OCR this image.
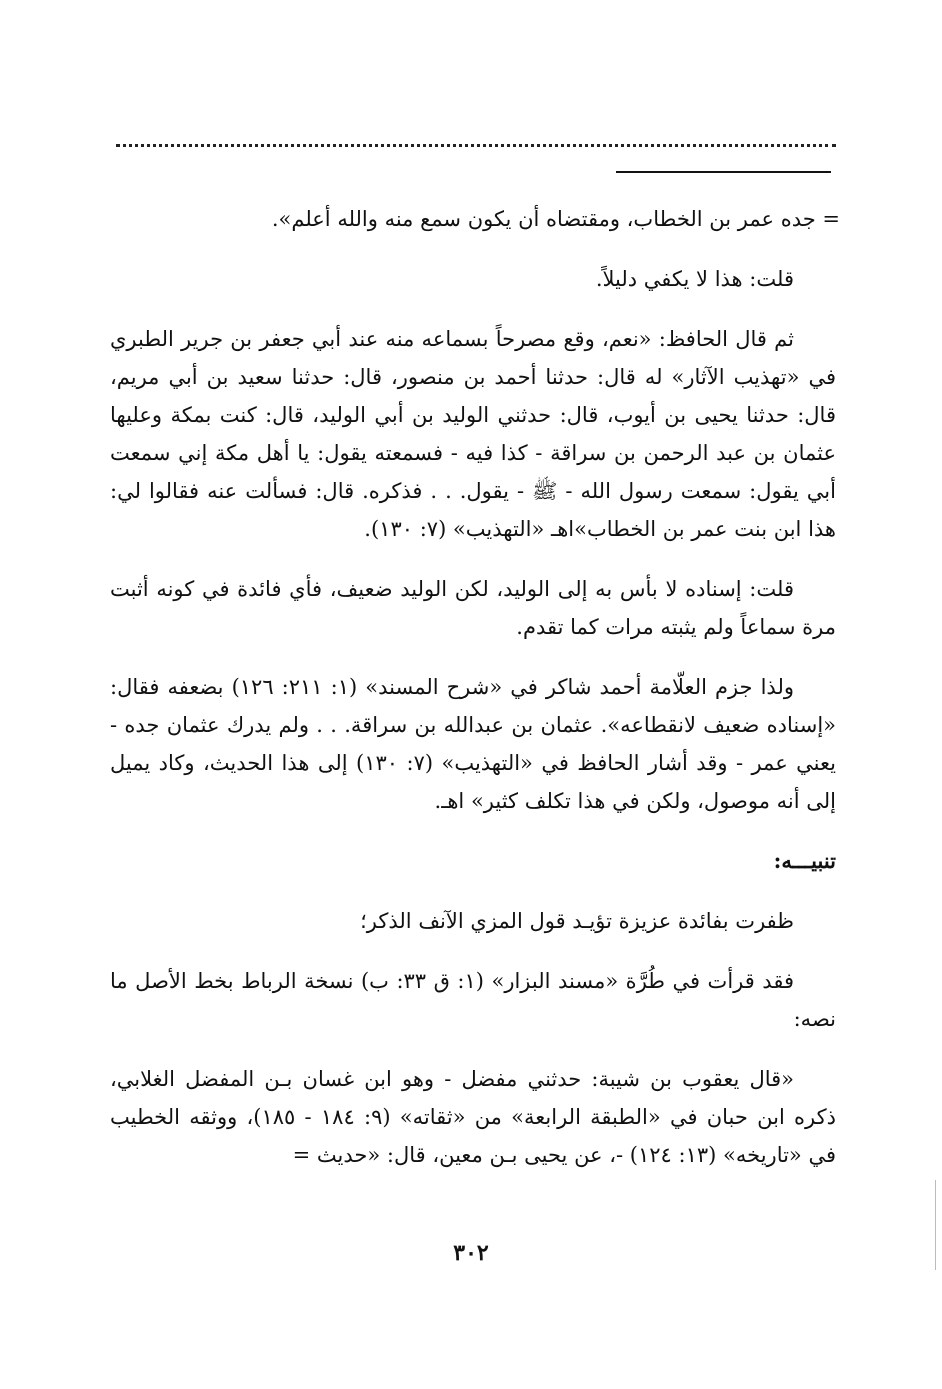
= جده عمر بن الخطاب، ومقتضاه أن يكون سمع منه والله أعلم».

قلت: هذا لا يكفي دليلاً.

ثم قال الحافظ: «نعم، وقع مصرحاً بسماعه منه عند أبي جعفر بن جرير الطبري في «تهذيب الآثار» له قال: حدثنا أحمد بن منصور، قال: حدثنا سعيد بن أبي مريم، قال: حدثنا يحيى بن أيوب، قال: حدثني الوليد بن أبي الوليد، قال: كنت بمكة وعليها عثمان بن عبد الرحمن بن سراقة - كذا فيه - فسمعته يقول: يا أهل مكة إني سمعت أبي يقول: سمعت رسول الله - ﷺ - يقول. . . فذكره. قال: فسألت عنه فقالوا لي: هذا ابن بنت عمر بن الخطاب»اهـ «التهذيب» (٧: ١٣٠).

قلت: إسناده لا بأس به إلى الوليد، لكن الوليد ضعيف، فأي فائدة في كونه أثبت مرة سماعاً ولم يثبته مرات كما تقدم.

ولذا جزم العلّامة أحمد شاكر في «شرح المسند» (١: ٢١١: ١٢٦) بضعفه فقال: «إسناده ضعيف لانقطاعه». عثمان بن عبدالله بن سراقة. . . ولم يدرك عثمان جده - يعني عمر - وقد أشار الحافظ في «التهذيب» (٧: ١٣٠) إلى هذا الحديث، وكاد يميل إلى أنه موصول، ولكن في هذا تكلف كثير» اهـ.

تنبيـــه:

ظفرت بفائدة عزيزة تؤيـد قول المزي الآنف الذكر؛

فقد قرأت في طُرَّة «مسند البزار» (١: ق ٣٣: ب) نسخة الرباط بخط الأصل ما نصه:

«قال يعقوب بن شيبة: حدثني مفضل - وهو ابن غسان بـن المفضل الغلابي، ذكره ابن حبان في «الطبقة الرابعة» من «ثقاته» (٩: ١٨٤ - ١٨٥)، ووثقه الخطيب في «تاريخه» (١٣: ١٢٤) -، عن يحيى بـن معين، قال: «حديث =

٣٠٢
